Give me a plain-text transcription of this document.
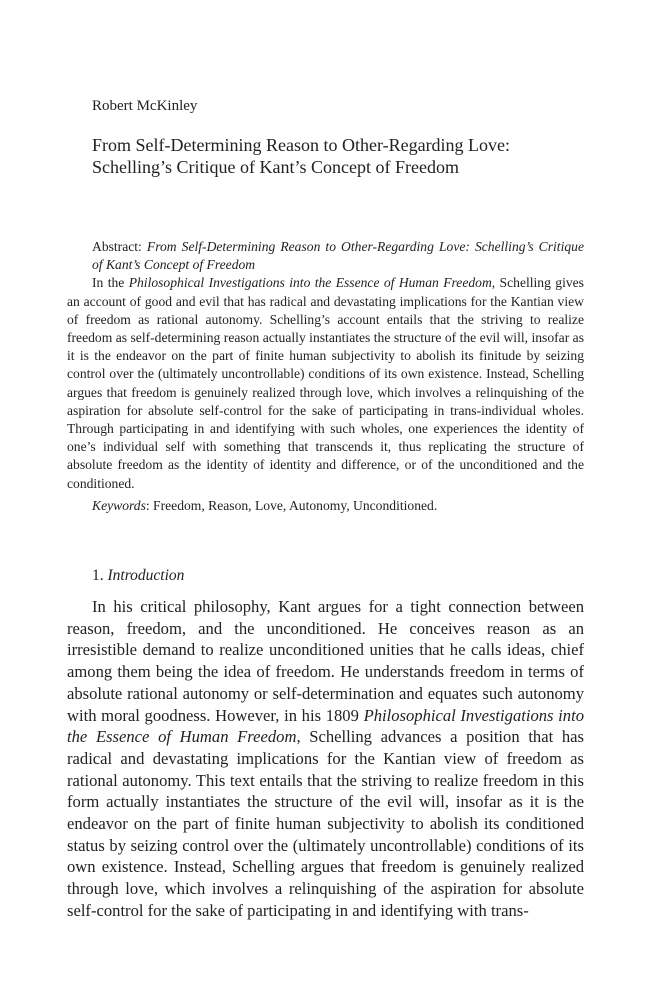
Robert McKinley
From Self-Determining Reason to Other-Regarding Love: Schelling’s Critique of Kant’s Concept of Freedom

Abstract: From Self-Determining Reason to Other-Regarding Love: Schelling’s Critique of Kant’s Concept of Freedom

In the Philosophical Investigations into the Essence of Human Freedom, Schelling gives an account of good and evil that has radical and devastating implications for the Kantian view of freedom as rational autonomy. Schelling’s account entails that the striving to realize freedom as self-determining reason actually instantiates the structure of the evil will, insofar as it is the endeavor on the part of finite human subjectivity to abolish its finitude by seizing control over the (ultimately uncontrollable) conditions of its own existence. Instead, Schelling argues that freedom is genuinely realized through love, which involves a relinquishing of the aspiration for absolute self-control for the sake of participating in trans-individual wholes. Through participating in and identifying with such wholes, one experiences the identity of one’s individual self with something that transcends it, thus replicating the structure of absolute freedom as the identity of identity and difference, or of the unconditioned and the conditioned.

Keywords: Freedom, Reason, Love, Autonomy, Unconditioned.
1. Introduction

In his critical philosophy, Kant argues for a tight connection between reason, freedom, and the unconditioned. He conceives reason as an irresistible demand to realize unconditioned unities that he calls ideas, chief among them being the idea of freedom. He understands freedom in terms of absolute rational autonomy or self-determination and equates such autonomy with moral goodness. However, in his 1809 Philosophical Investigations into the Essence of Human Freedom, Schelling advances a position that has radical and devastating implications for the Kantian view of freedom as rational autonomy. This text entails that the striving to realize freedom in this form actually instantiates the structure of the evil will, insofar as it is the endeavor on the part of finite human subjectivity to abolish its conditioned status by seizing control over the (ultimately uncontrollable) conditions of its own existence. Instead, Schelling argues that freedom is genuinely realized through love, which involves a relinquishing of the aspiration for absolute self-control for the sake of participating in and identifying with trans-
